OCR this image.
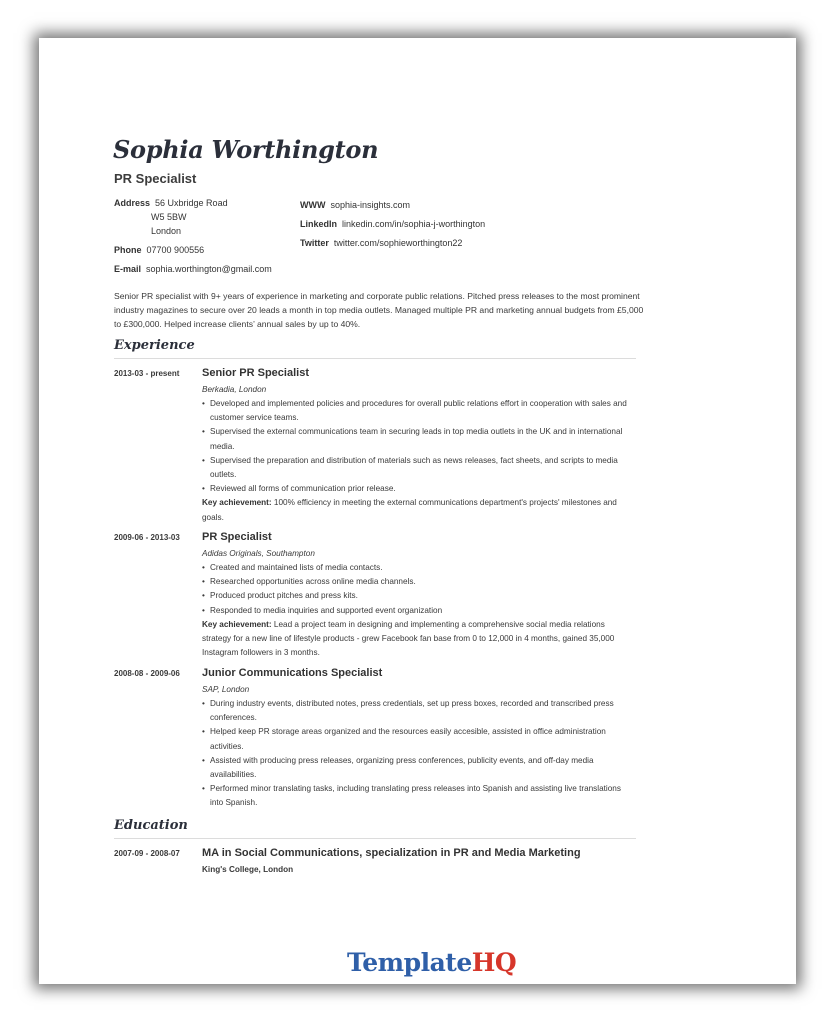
Sophia Worthington
PR Specialist
Address 56 Uxbridge Road
W5 5BW
London
Phone 07700 900556
E-mail sophia.worthington@gmail.com
WWW sophia-insights.com
LinkedIn linkedin.com/in/sophia-j-worthington
Twitter twitter.com/sophieworthington22

Senior PR specialist with 9+ years of experience in marketing and corporate public relations. Pitched press releases to the most prominent industry magazines to secure over 20 leads a month in top media outlets. Managed multiple PR and marketing annual budgets from £5,000 to £300,000. Helped increase clients’ annual sales by up to 40%.

Experience
2013-03 - present	Senior PR Specialist
Berkadia, London
• Developed and implemented policies and procedures for overall public relations effort in cooperation with sales and customer service teams.
• Supervised the external communications team in securing leads in top media outlets in the UK and in international media.
• Supervised the preparation and distribution of materials such as news releases, fact sheets, and scripts to media outlets.
• Reviewed all forms of communication prior release.
Key achievement: 100% efficiency in meeting the external communications department's projects' milestones and goals.
2009-06 - 2013-03	PR Specialist
Adidas Originals, Southampton
• Created and maintained lists of media contacts.
• Researched opportunities across online media channels.
• Produced product pitches and press kits.
• Responded to media inquiries and supported event organization
Key achievement: Lead a project team in designing and implementing a comprehensive social media relations strategy for a new line of lifestyle products - grew Facebook fan base from 0 to 12,000 in 4 months, gained 35,000 Instagram followers in 3 months.
2008-08 - 2009-06	Junior Communications Specialist
SAP, London
• During industry events, distributed notes, press credentials, set up press boxes, recorded and transcribed press conferences.
• Helped keep PR storage areas organized and the resources easily accesible, assisted in office administration activities.
• Assisted with producing press releases, organizing press conferences, publicity events, and off-day media availabilities.
• Performed minor translating tasks, including translating press releases into Spanish and assisting live translations into Spanish.
Education
2007-09 - 2008-07	MA in Social Communications, specialization in PR and Media Marketing
King's College, London
TemplateHQ
